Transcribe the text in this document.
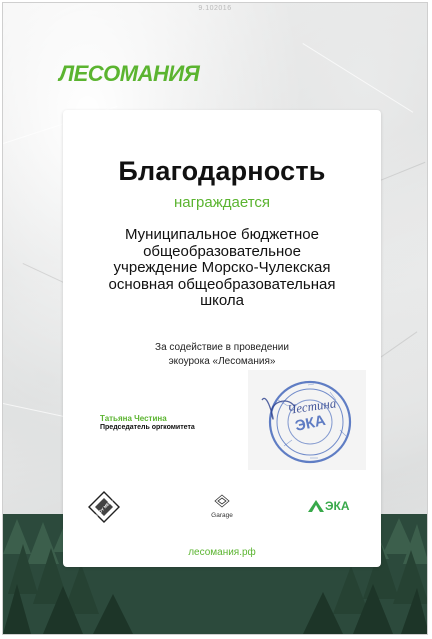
9.102016
ЛЕСОМАНИЯ
Благодарность
награждается
Муниципальное бюджетное
общеобразовательное
учреждение Морско-Чулекская
основная общеобразовательная
школа
За содействие в проведении
экоурока «Лесомания»
Татьяна Честина
Председатель оргкомитета	ЭКА
Честина
LEROY MERLIN	Garage
ЭКА
лесомания.рф
